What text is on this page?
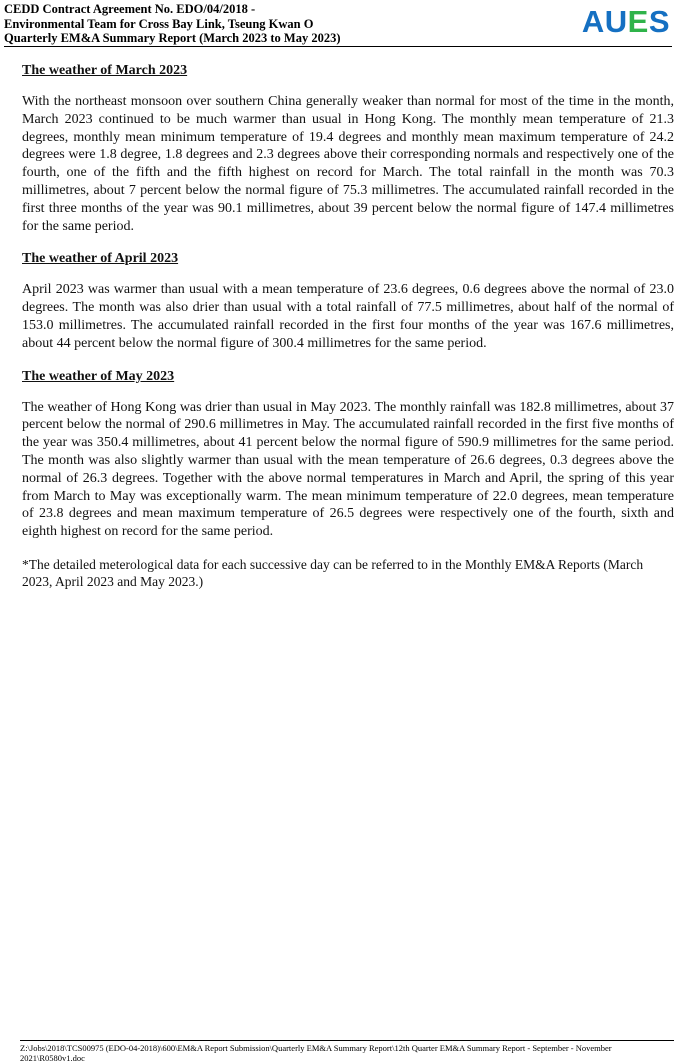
CEDD Contract Agreement No. EDO/04/2018 -
Environmental Team for Cross Bay Link, Tseung Kwan O
Quarterly EM&A Summary Report (March 2023 to May 2023)	AUES

The weather of March 2023

With the northeast monsoon over southern China generally weaker than normal for most of the time in the month, March 2023 continued to be much warmer than usual in Hong Kong. The monthly mean temperature of 21.3 degrees, monthly mean minimum temperature of 19.4 degrees and monthly mean maximum temperature of 24.2 degrees were 1.8 degree, 1.8 degrees and 2.3 degrees above their corresponding normals and respectively one of the fourth, one of the fifth and the fifth highest on record for March. The total rainfall in the month was 70.3 millimetres, about 7 percent below the normal figure of 75.3 millimetres. The accumulated rainfall recorded in the first three months of the year was 90.1 millimetres, about 39 percent below the normal figure of 147.4 millimetres for the same period.

The weather of April 2023

April 2023 was warmer than usual with a mean temperature of 23.6 degrees, 0.6 degrees above the normal of 23.0 degrees. The month was also drier than usual with a total rainfall of 77.5 millimetres, about half of the normal of 153.0 millimetres. The accumulated rainfall recorded in the first four months of the year was 167.6 millimetres, about 44 percent below the normal figure of 300.4 millimetres for the same period.

The weather of May 2023

The weather of Hong Kong was drier than usual in May 2023. The monthly rainfall was 182.8 millimetres, about 37 percent below the normal of 290.6 millimetres in May. The accumulated rainfall recorded in the first five months of the year was 350.4 millimetres, about 41 percent below the normal figure of 590.9 millimetres for the same period. The month was also slightly warmer than usual with the mean temperature of 26.6 degrees, 0.3 degrees above the normal of 26.3 degrees. Together with the above normal temperatures in March and April, the spring of this year from March to May was exceptionally warm. The mean minimum temperature of 22.0 degrees, mean temperature of 23.8 degrees and mean maximum temperature of 26.5 degrees were respectively one of the fourth, sixth and eighth highest on record for the same period.

*The detailed meterological data for each successive day can be referred to in the Monthly EM&A Reports (March 2023, April 2023 and May 2023.)

Z:\Jobs\2018\TCS00975 (EDO-04-2018)\600\EM&A Report Submission\Quarterly EM&A Summary Report\12th Quarter EM&A Summary Report - September - November 2021\R0580v1.doc
